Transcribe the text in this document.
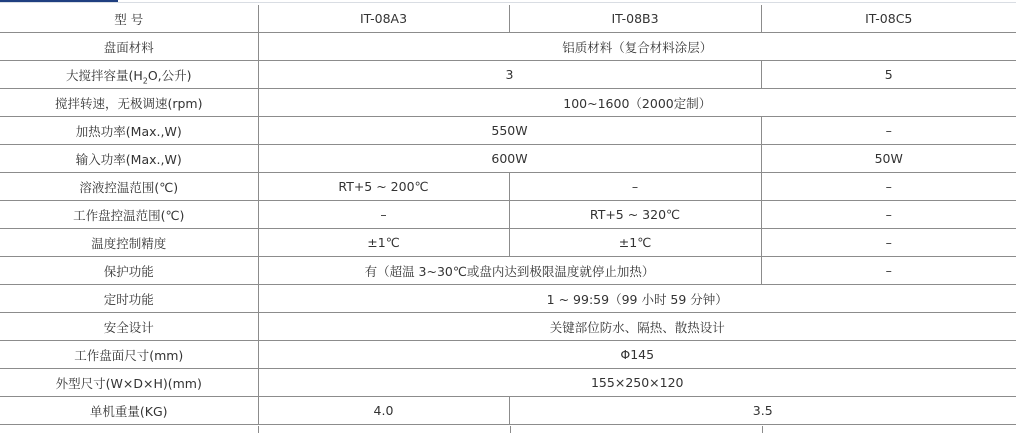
型 号	IT-08A3	IT-08B3	IT-08C5
盘面材料	铝质材料（复合材料涂层）		
大搅拌容量($H_2O$,公升)	3		5
搅拌转速，无极调速(rpm)	100~1600（2000定制）		
加热功率(Max.,W)	550W		–
输入功率(Max.,W)	600W		50W
溶液控温范围(℃)	RT+5 ~ 200℃	–	–
工作盘控温范围(℃)	–	RT+5 ~ 320℃	–
温度控制精度	±1℃	±1℃	–
保护功能	有（超温 3~30℃或盘内达到极限温度就停止加热）		–
定时功能	1 ~ 99:59（99 小时 59 分钟）		
安全设计	关键部位防水、隔热、散热设计		
工作盘面尺寸(mm)	Φ145		
外型尺寸(W×D×H)(mm)	155×250×120		
单机重量(KG)	4.0	3.5	
